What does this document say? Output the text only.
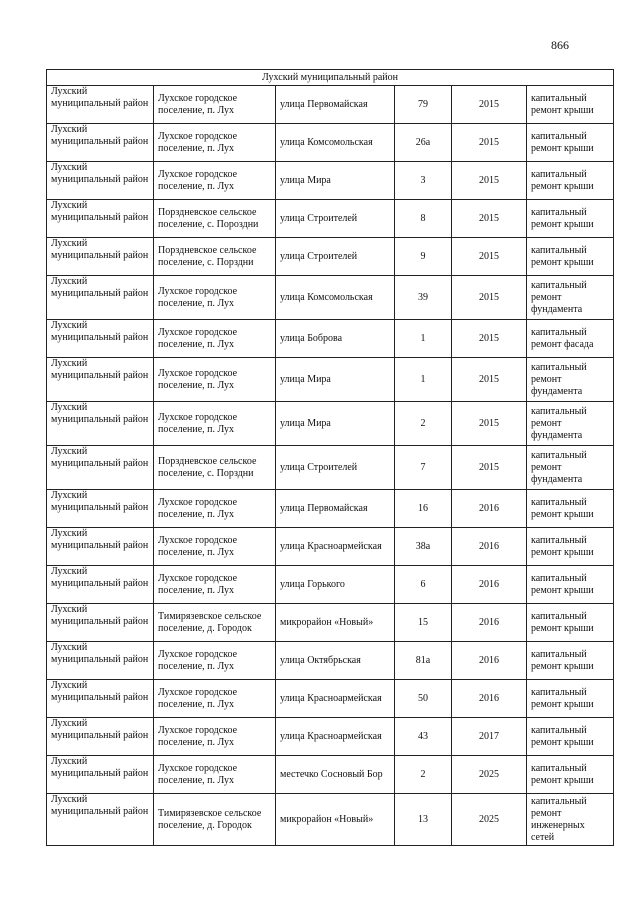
866
Лухский муниципальный район					
Лухский муниципальный район	Лухское городское поселение, п. Лух	улица Первомайская	79	2015	капитальный ремонт крыши
Лухский муниципальный район	Лухское городское поселение, п. Лух	улица Комсомольская	26а	2015	капитальный ремонт крыши
Лухский муниципальный район	Лухское городское поселение, п. Лух	улица Мира	3	2015	капитальный ремонт крыши
Лухский муниципальный район	Порздневское сельское поселение, с. Пороздни	улица Строителей	8	2015	капитальный ремонт крыши
Лухский муниципальный район	Порздневское сельское поселение, с. Порздни	улица Строителей	9	2015	капитальный ремонт крыши
Лухский муниципальный район	Лухское городское поселение, п. Лух	улица Комсомольская	39	2015	капитальный ремонт фундамента
Лухский муниципальный район	Лухское городское поселение, п. Лух	улица Боброва	1	2015	капитальный ремонт фасада
Лухский муниципальный район	Лухское городское поселение, п. Лух	улица Мира	1	2015	капитальный ремонт фундамента
Лухский муниципальный район	Лухское городское поселение, п. Лух	улица Мира	2	2015	капитальный ремонт фундамента
Лухский муниципальный район	Порздневское сельское поселение, с. Порздни	улица Строителей	7	2015	капитальный ремонт фундамента
Лухский муниципальный район	Лухское городское поселение, п. Лух	улица Первомайская	16	2016	капитальный ремонт крыши
Лухский муниципальный район	Лухское городское поселение, п. Лух	улица Красноармейская	38а	2016	капитальный ремонт крыши
Лухский муниципальный район	Лухское городское поселение, п. Лух	улица Горького	6	2016	капитальный ремонт крыши
Лухский муниципальный район	Тимирязевское сельское поселение, д. Городок	микрорайон «Новый»	15	2016	капитальный ремонт крыши
Лухский муниципальный район	Лухское городское поселение, п. Лух	улица Октябрьская	81а	2016	капитальный ремонт крыши
Лухский муниципальный район	Лухское городское поселение, п. Лух	улица Красноармейская	50	2016	капитальный ремонт крыши
Лухский муниципальный район	Лухское городское поселение, п. Лух	улица Красноармейская	43	2017	капитальный ремонт крыши
Лухский муниципальный район	Лухское городское поселение, п. Лух	местечко Сосновый Бор	2	2025	капитальный ремонт крыши
Лухский муниципальный район	Тимирязевское сельское поселение, д. Городок	микрорайон «Новый»	13	2025	капитальный ремонт инженерных сетей
